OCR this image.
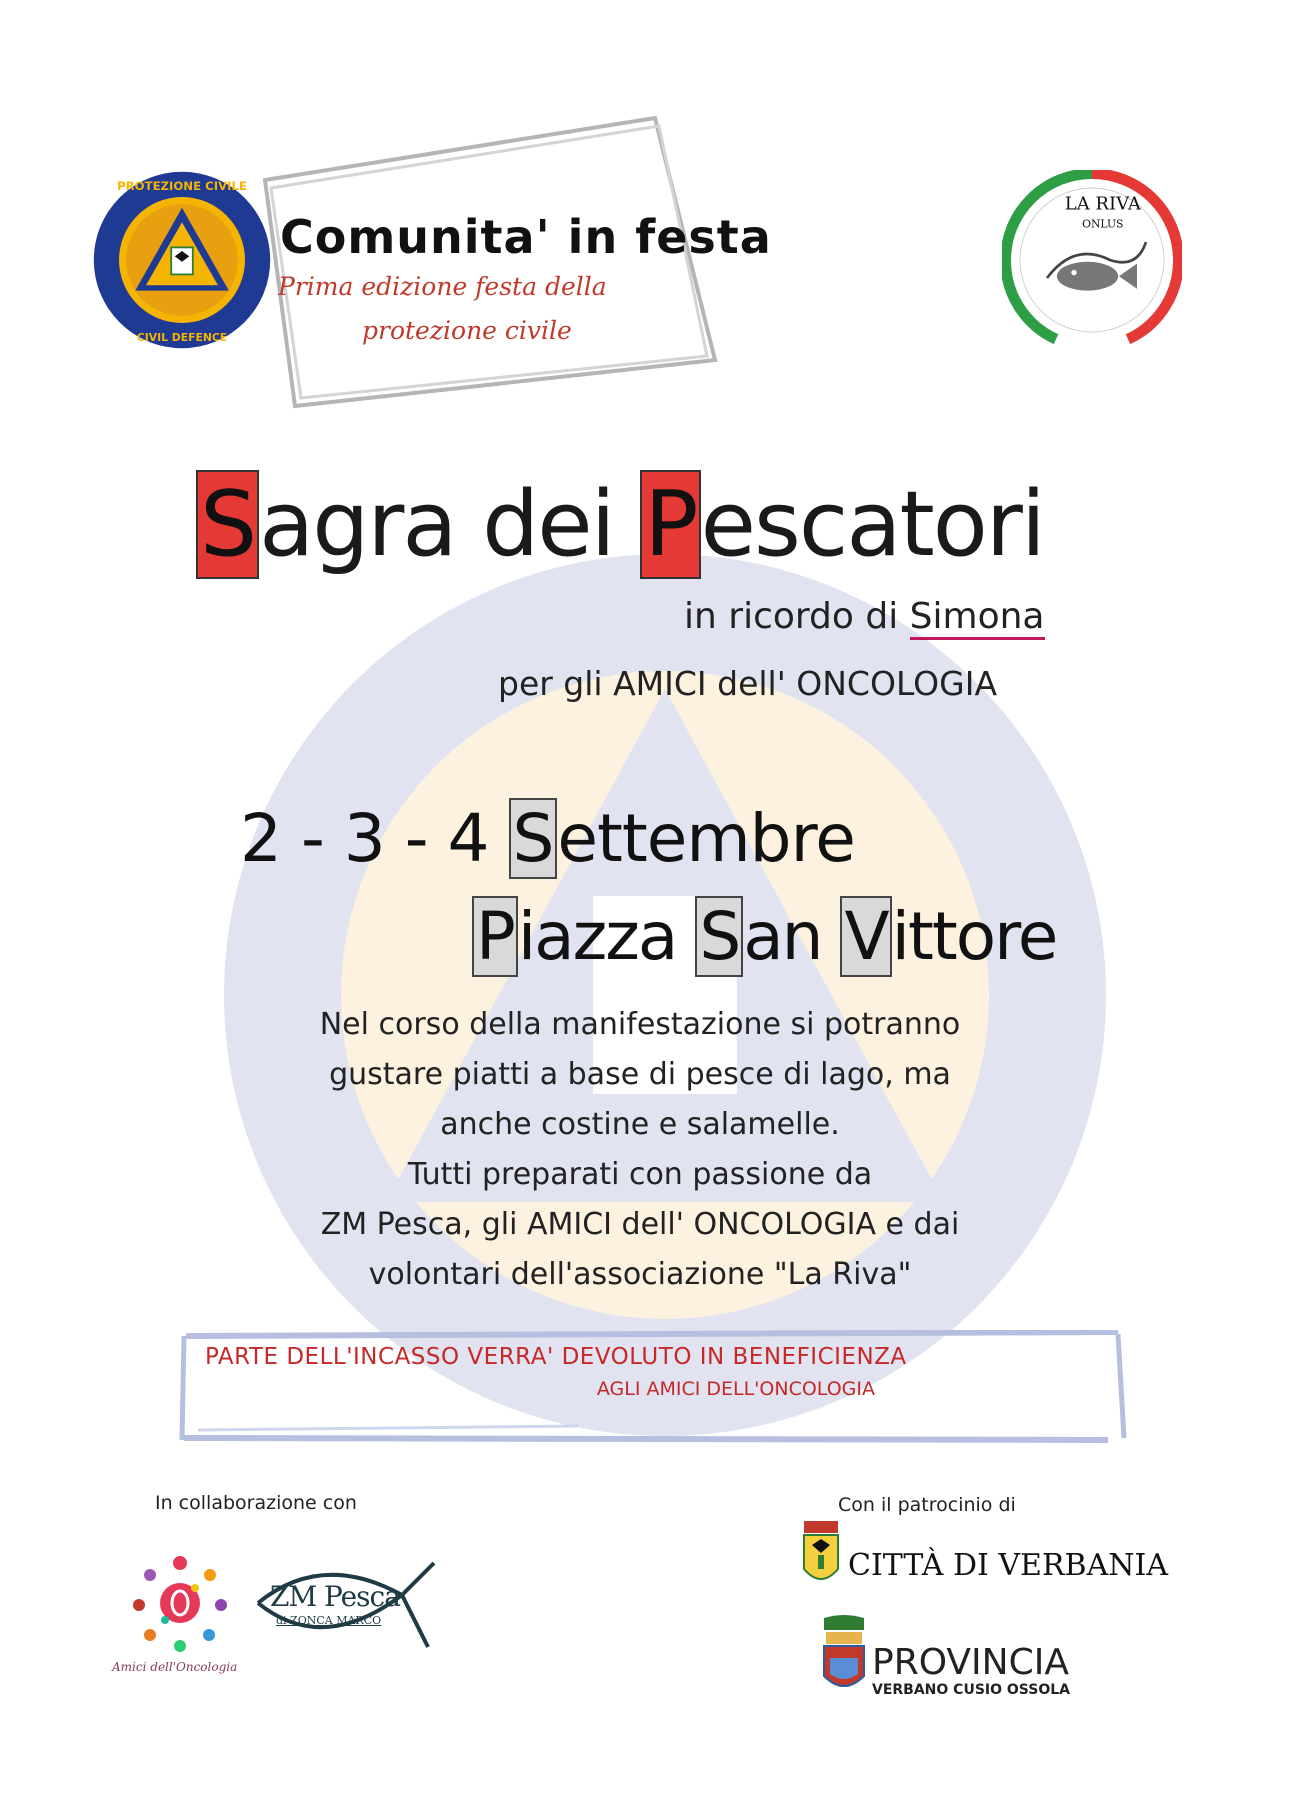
PROTEZIONE CIVILE
CIVIL DEFENCE
Comunita' in festa
Prima edizione festa della
protezione civile
LA RIVA
ONLUS
Sagra dei Pescatori
in ricordo di Simona
per gli AMICI dell' ONCOLOGIA
2 - 3 - 4 Settembre
Piazza San Vittore
Nel corso della manifestazione si potranno
gustare piatti a base di pesce di lago, ma
anche costine e salamelle.
Tutti preparati con passione da
ZM Pesca, gli AMICI dell' ONCOLOGIA e dai
volontari dell'associazione "La Riva"
PARTE DELL'INCASSO VERRA' DEVOLUTO IN BENEFICIENZA
AGLI AMICI DELL'ONCOLOGIA
In collaborazione con	Con il patrocinio di
Amici dell'Oncologia
ZM Pesca
di ZONCA MARCO
CITTÀ DI VERBANIA
PROVINCIA
VERBANO CUSIO OSSOLA
